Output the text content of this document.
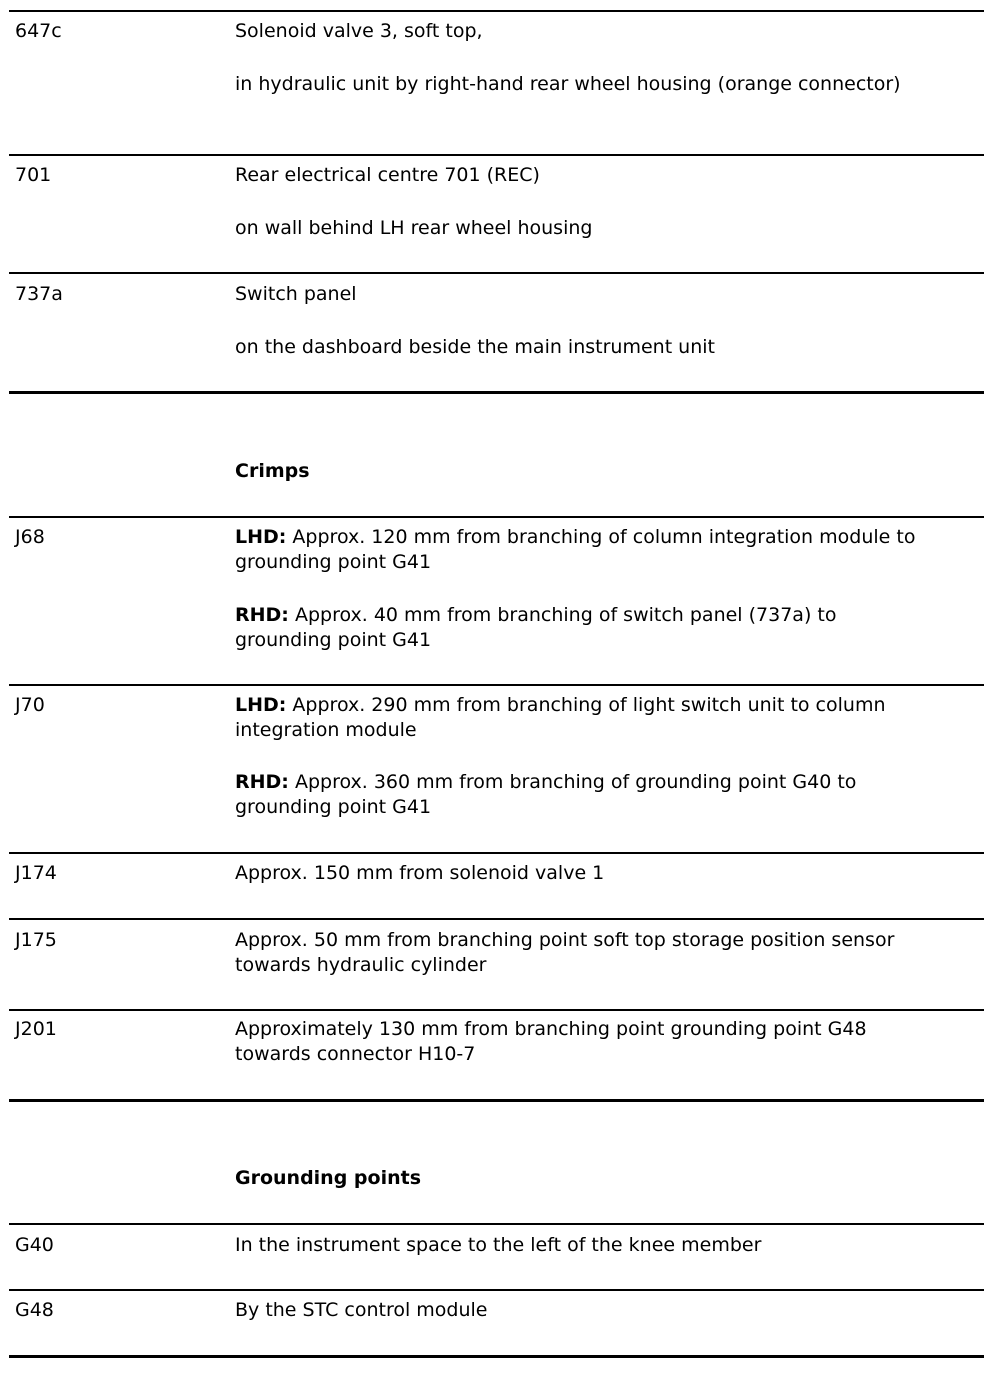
647c	Solenoid valve 3, soft top,
in hydraulic unit by right-hand rear wheel housing (orange connector)
701	Rear electrical centre 701 (REC)
on wall behind LH rear wheel housing
737a	Switch panel
on the dashboard beside the main instrument unit
Crimps
J68	LHD: Approx. 120 mm from branching of column integration module to grounding point G41
RHD: Approx. 40 mm from branching of switch panel (737a) to grounding point G41
J70	LHD: Approx. 290 mm from branching of light switch unit to column integration module
RHD: Approx. 360 mm from branching of grounding point G40 to grounding point G41
J174	Approx. 150 mm from solenoid valve 1
J175	Approx. 50 mm from branching point soft top storage position sensor towards hydraulic cylinder
J201	Approximately 130 mm from branching point grounding point G48 towards connector H10-7
Grounding points
G40	In the instrument space to the left of the knee member
G48	By the STC control module
